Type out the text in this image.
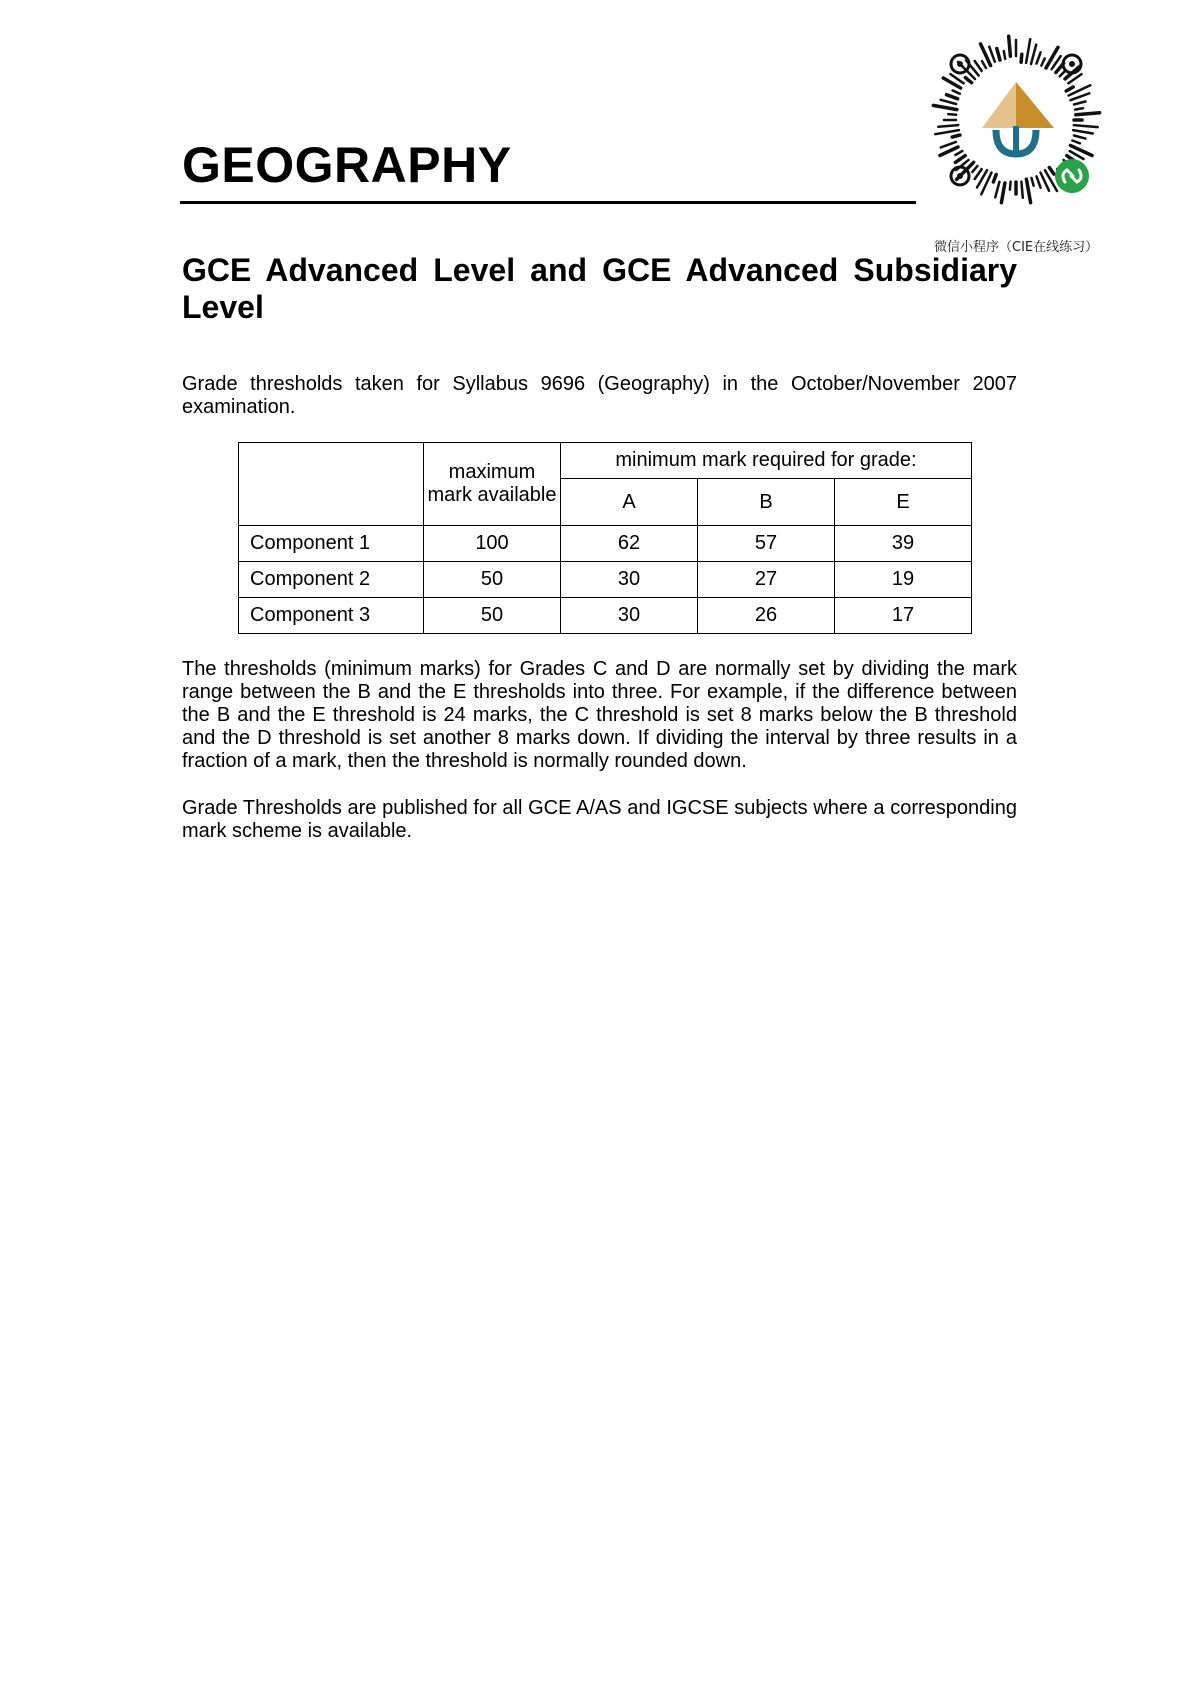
GEOGRAPHY
微信小程序（CIE在线练习）
GCE Advanced Level and GCE Advanced Subsidiary Level

Grade thresholds taken for Syllabus 9696 (Geography) in the October/November 2007 examination.

	maximum mark available	minimum mark required for grade:		
		A	B	E
Component 1	100	62	57	39
Component 2	50	30	27	19
Component 3	50	30	26	17

The thresholds (minimum marks) for Grades C and D are normally set by dividing the mark range between the B and the E thresholds into three. For example, if the difference between the B and the E threshold is 24 marks, the C threshold is set 8 marks below the B threshold and the D threshold is set another 8 marks down. If dividing the interval by three results in a fraction of a mark, then the threshold is normally rounded down.

Grade Thresholds are published for all GCE A/AS and IGCSE subjects where a corresponding mark scheme is available.
